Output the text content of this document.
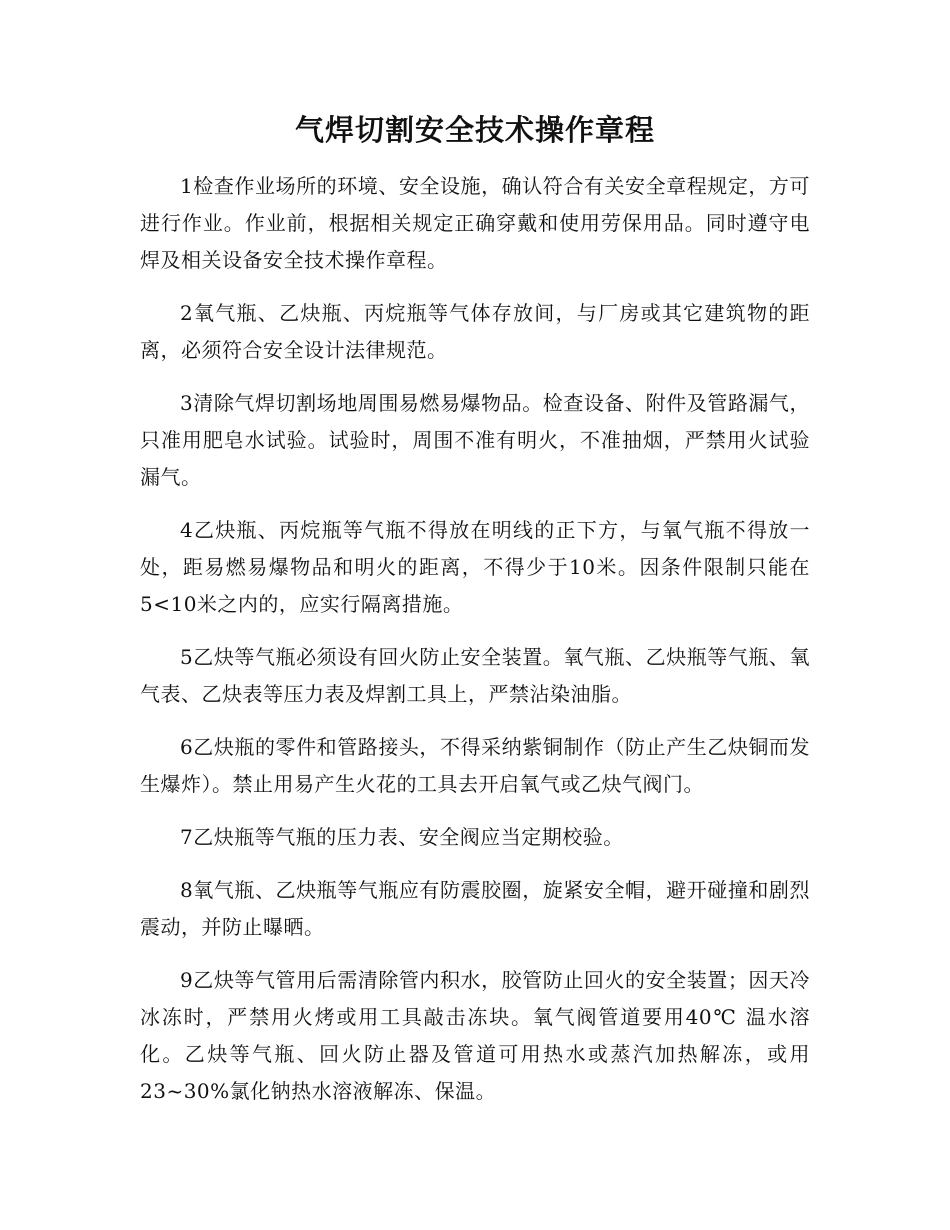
气焊切割安全技术操作章程

1检查作业场所的环境、安全设施，确认符合有关安全章程规定，方可进行作业。作业前，根据相关规定正确穿戴和使用劳保用品。同时遵守电焊及相关设备安全技术操作章程。

2氧气瓶、乙炔瓶、丙烷瓶等气体存放间，与厂房或其它建筑物的距离，必须符合安全设计法律规范。

3清除气焊切割场地周围易燃易爆物品。检查设备、附件及管路漏气，只准用肥皂水试验。试验时，周围不准有明火，不准抽烟，严禁用火试验漏气。

4乙炔瓶、丙烷瓶等气瓶不得放在明线的正下方，与氧气瓶不得放一处，距易燃易爆物品和明火的距离，不得少于10米。因条件限制只能在5<10米之内的，应实行隔离措施。

5乙炔等气瓶必须设有回火防止安全装置。氧气瓶、乙炔瓶等气瓶、氧气表、乙炔表等压力表及焊割工具上，严禁沾染油脂。

6乙炔瓶的零件和管路接头，不得采纳紫铜制作（防止产生乙炔铜而发生爆炸）。禁止用易产生火花的工具去开启氧气或乙炔气阀门。

7乙炔瓶等气瓶的压力表、安全阀应当定期校验。

8氧气瓶、乙炔瓶等气瓶应有防震胶圈，旋紧安全帽，避开碰撞和剧烈震动，并防止曝晒。

9乙炔等气管用后需清除管内积水，胶管防止回火的安全装置；因天冷冰冻时，严禁用火烤或用工具敲击冻块。氧气阀管道要用40℃ 温水溶化。乙炔等气瓶、回火防止器及管道可用热水或蒸汽加热解冻，或用23~30%氯化钠热水溶液解冻、保温。
